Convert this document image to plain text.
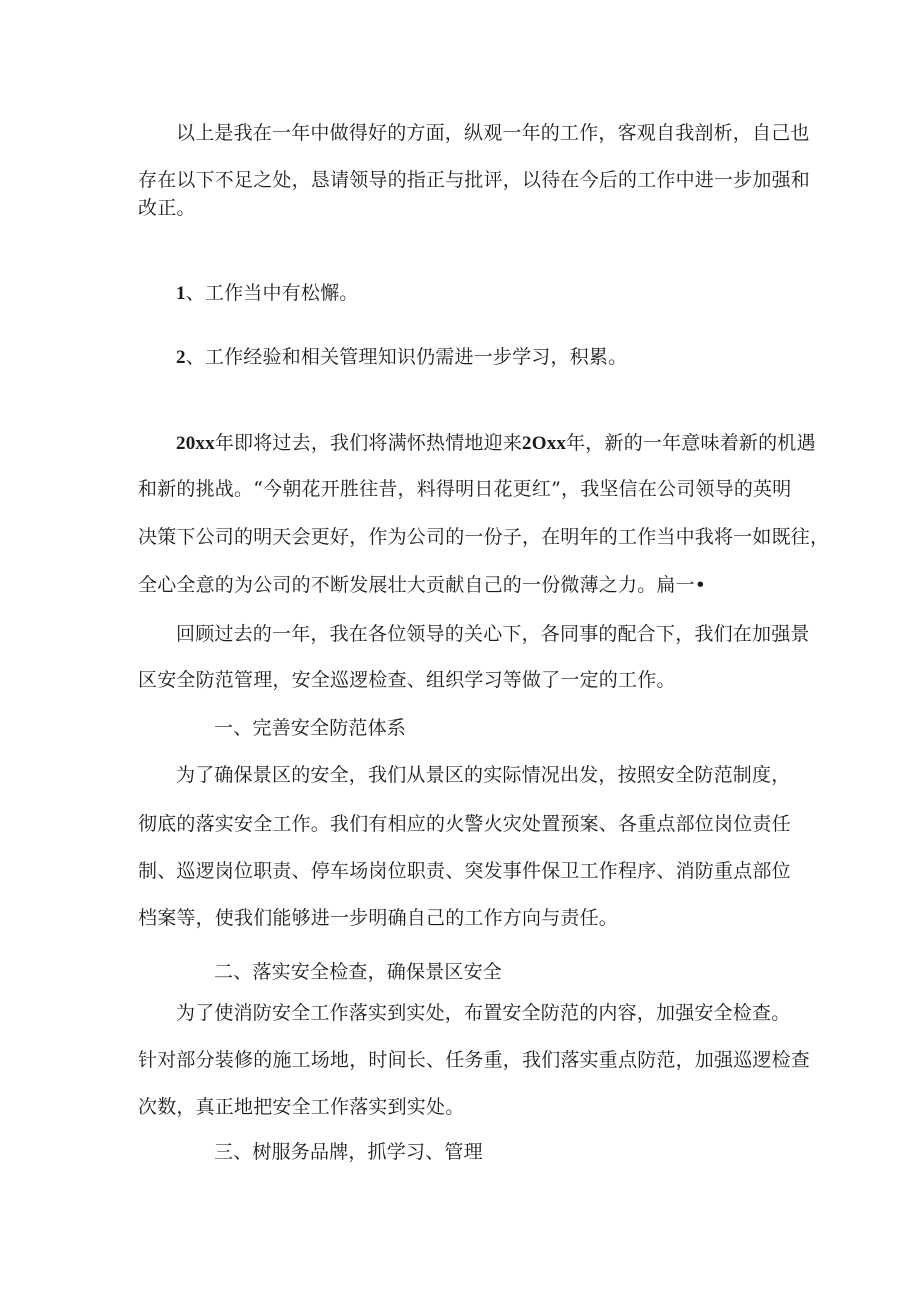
以上是我在一年中做得好的方面，纵观一年的工作，客观自我剖析，自己也
存在以下不足之处，恳请领导的指正与批评，以待在今后的工作中进一步加强和
改正。
1、工作当中有松懈。
2、工作经验和相关管理知识仍需进一步学习，积累。
20xx年即将过去，我们将满怀热情地迎来2Oxx年，新的一年意味着新的机遇
和新的挑战。“今朝花开胜往昔，料得明日花更红”，我坚信在公司领导的英明
决策下公司的明天会更好，作为公司的一份子，在明年的工作当中我将一如既往，
全心全意的为公司的不断发展壮大贡献自己的一份微薄之力。扁一•
回顾过去的一年，我在各位领导的关心下，各同事的配合下，我们在加强景
区安全防范管理，安全巡逻检查、组织学习等做了一定的工作。
一、完善安全防范体系
为了确保景区的安全，我们从景区的实际情况出发，按照安全防范制度，
彻底的落实安全工作。我们有相应的火警火灾处置预案、各重点部位岗位责任
制、巡逻岗位职责、停车场岗位职责、突发事件保卫工作程序、消防重点部位
档案等，使我们能够进一步明确自己的工作方向与责任。
二、落实安全检查，确保景区安全
为了使消防安全工作落实到实处，布置安全防范的内容，加强安全检查。
针对部分装修的施工场地，时间长、任务重，我们落实重点防范，加强巡逻检查
次数，真正地把安全工作落实到实处。
三、树服务品牌，抓学习、管理
